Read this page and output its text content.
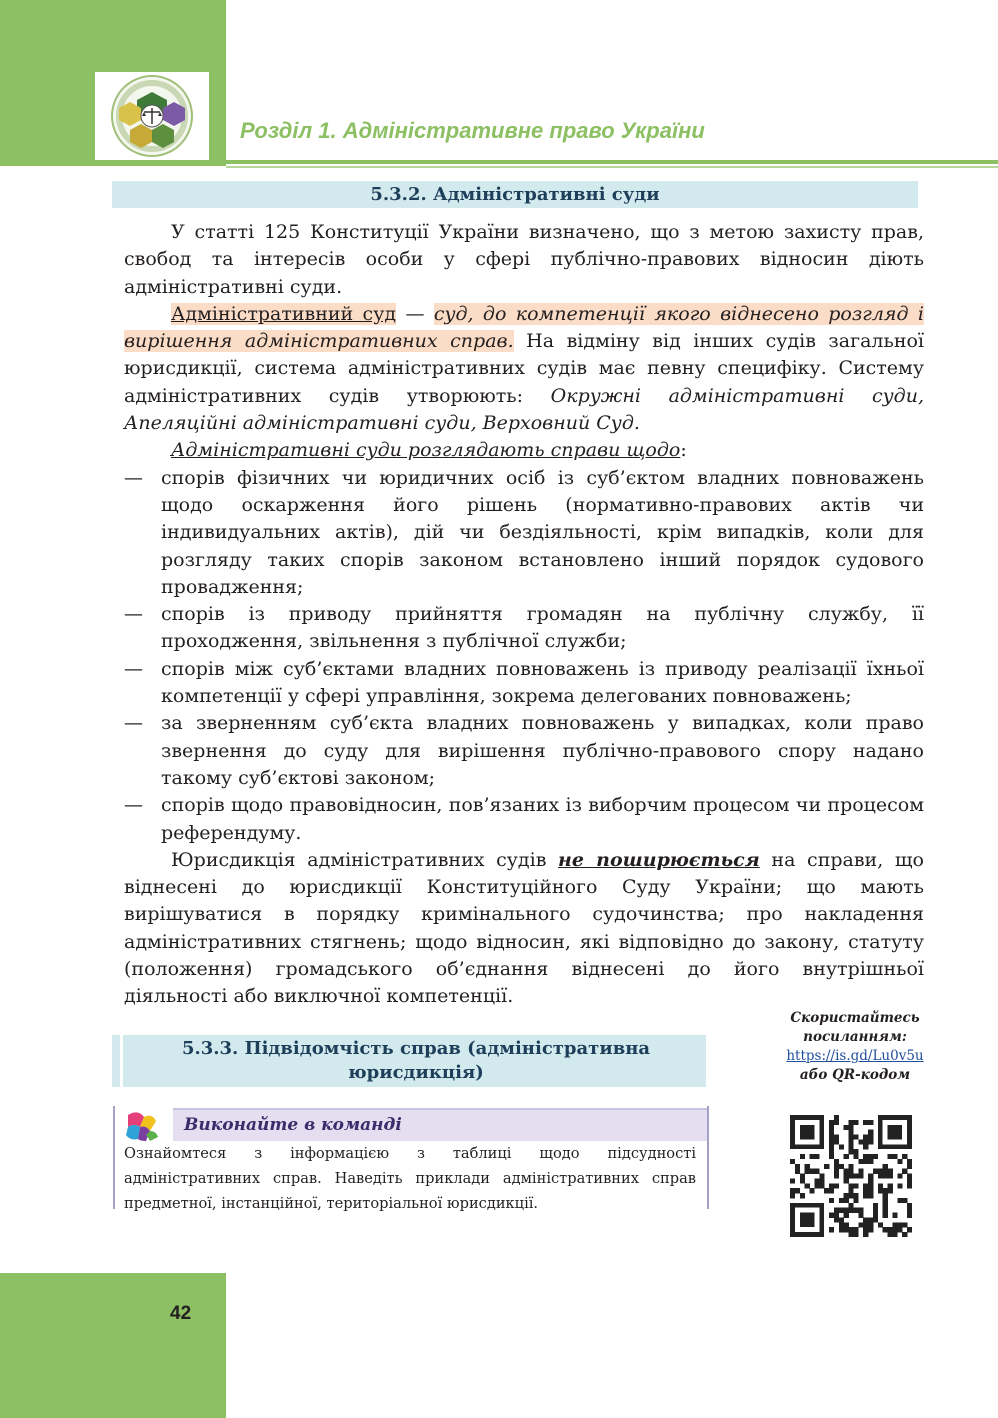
Розділ 1. Адміністративне право України
5.3.2. Адміністративні суди

У статті 125 Конституції України визначено, що з метою захисту прав, свобод та інтересів особи у сфері публічно-правових відносин діють адміністративні суди.

Адміністративний суд — суд, до компетенції якого віднесено розгляд і вирішення адміністративних справ. На відміну від інших судів загальної юрисдикції, система адміністративних судів має певну специфіку. Систему адміністративних судів утворюють: Окружні адміністративні суди, Апеляційні адміністративні суди, Верховний Суд.

Адміністративні суди розглядають справи щодо:

— спорів фізичних чи юридичних осіб із суб’єктом владних повноважень щодо оскарження його рішень (нормативно-правових актів чи індивидуальних актів), дій чи бездіяльності, крім випадків, коли для розгляду таких спорів законом встановлено інший порядок судового провадження;
— спорів із приводу прийняття громадян на публічну службу, її проходження, звільнення з публічної служби;
— спорів між суб’єктами владних повноважень із приводу реалізації їхньої компетенції у сфері управління, зокрема делегованих повноважень;
— за зверненням суб’єкта владних повноважень у випадках, коли право звернення до суду для вирішення публічно-правового спору надано такому суб’єктові законом;
— спорів щодо правовідносин, пов’язаних із виборчим процесом чи процесом референдуму.

Юрисдикція адміністративних судів не поширюється на справи, що віднесені до юрисдикції Конституційного Суду України; що мають вирішуватися в порядку кримінального судочинства; про накладення адміністративних стягнень; щодо відносин, які відповідно до закону, статуту (положення) громадського об’єднання віднесені до його внутрішньої діяльності або виключної компетенції.

5.3.3. Підвідомчість справ (адміністративна
юрисдикція)
Виконайте в команді

Ознайомтеся з інформацією з таблиці щодо підсудності адміністративних справ. Наведіть приклади адміністративних справ предметної, інстанційної, територіальної юрисдикції.

Скористайтесь
посиланням:
https://is.gd/Lu0v5u
або QR-кодом

42
